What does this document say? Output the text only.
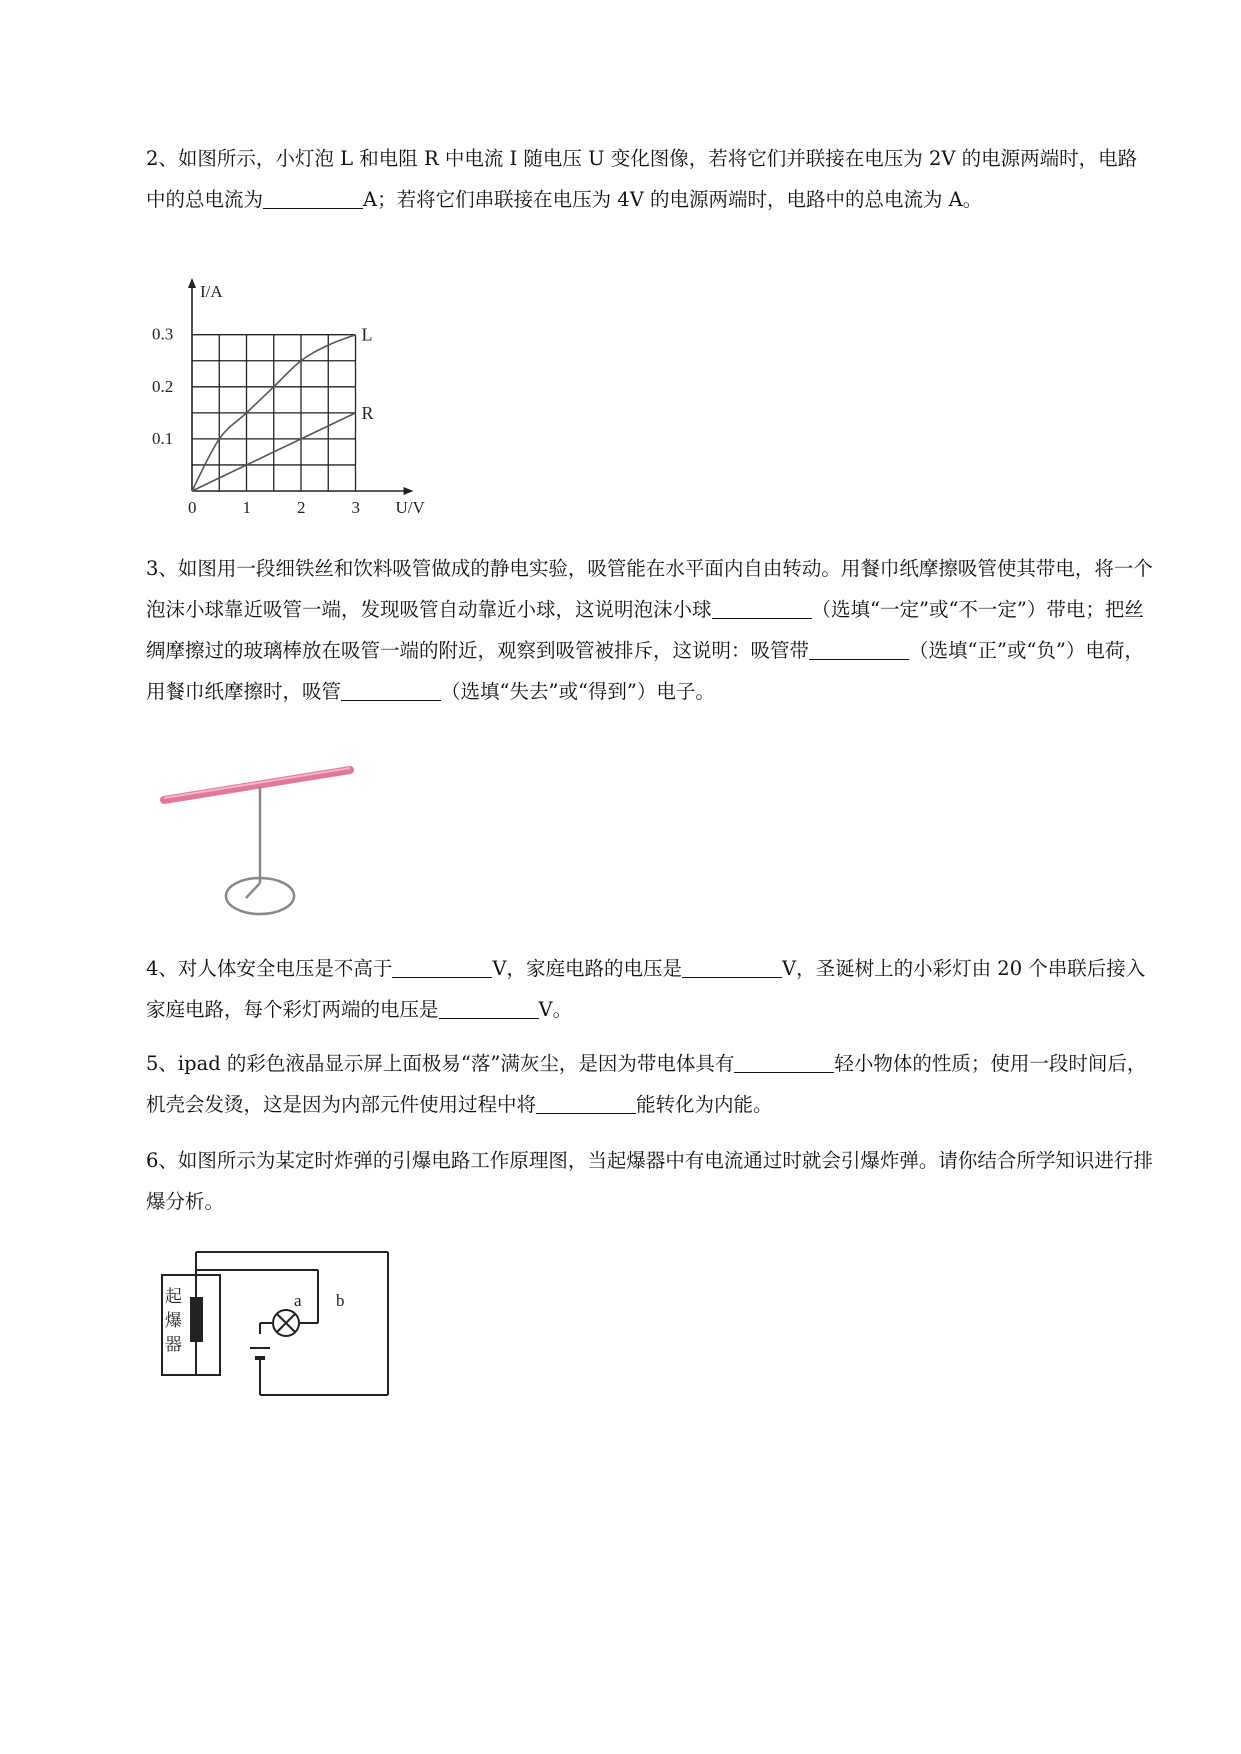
2、如图所示，小灯泡 L 和电阻 R 中电流 I 随电压 U 变化图像，若将它们并联接在电压为 2V 的电源两端时，电路中的总电流为	A；若将它们串联接在电压为 4V 的电源两端时，电路中的总电流为 A。

0	1	2	3
0.1
0.2
0.3
U/V
I/A
L
R

3、如图用一段细铁丝和饮料吸管做成的静电实验，吸管能在水平面内自由转动。用餐巾纸摩擦吸管使其带电，将一个泡沫小球靠近吸管一端，发现吸管自动靠近小球，这说明泡沫小球	（选填“一定”或“不一定”）带电；把丝绸摩擦过的玻璃棒放在吸管一端的附近，观察到吸管被排斥，这说明：吸管带	（选填“正”或“负”）电荷，用餐巾纸摩擦时，吸管	（选填“失去”或“得到”）电子。

4、对人体安全电压是不高于	V，家庭电路的电压是	V，圣诞树上的小彩灯由 20 个串联后接入家庭电路，每个彩灯两端的电压是	V。

5、ipad 的彩色液晶显示屏上面极易“落”满灰尘，是因为带电体具有	轻小物体的性质；使用一段时间后，机壳会发烫，这是因为内部元件使用过程中将	能转化为内能。

6、如图所示为某定时炸弹的引爆电路工作原理图，当起爆器中有电流通过时就会引爆炸弹。请你结合所学知识进行排爆分析。

起
爆
器
a b
